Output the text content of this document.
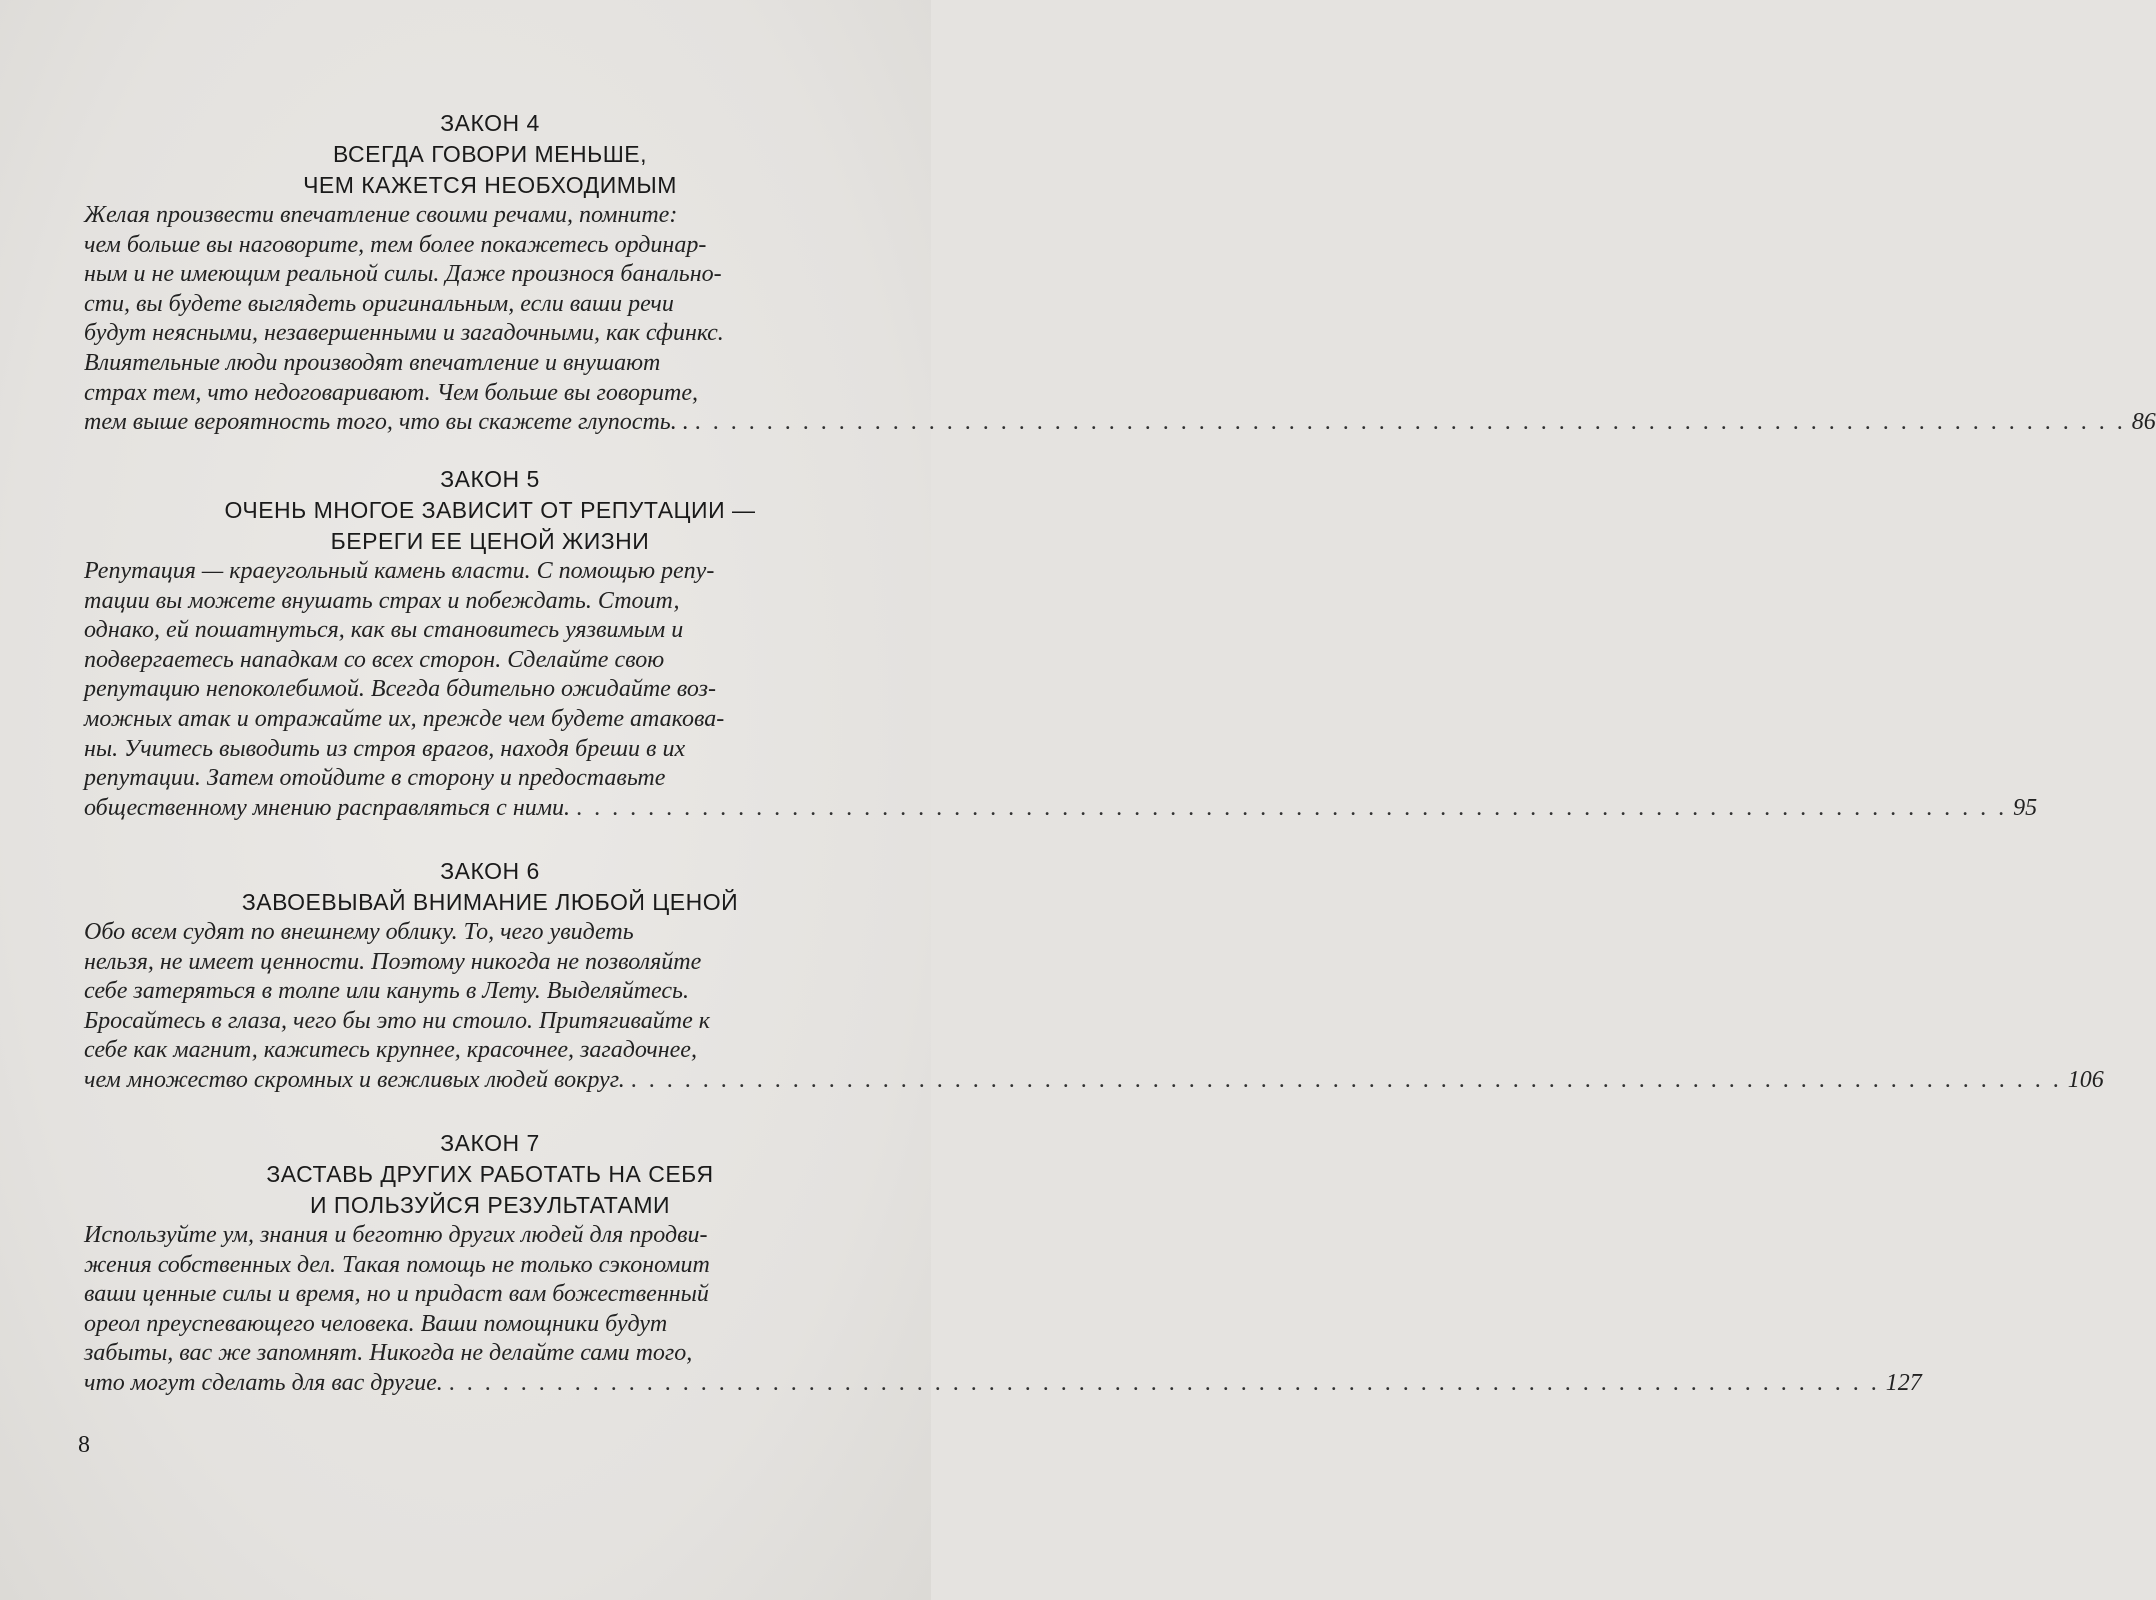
ЗАКОН 4
ВСЕГДА ГОВОРИ МЕНЬШЕ,
ЧЕМ КАЖЕТСЯ НЕОБХОДИМЫМ
Желая произвести впечатление своими речами, помните:
чем больше вы наговорите, тем более покажетесь ординар-
ным и не имеющим реальной силы. Даже произнося банально-
сти, вы будете выглядеть оригинальным, если ваши речи
будут неясными, незавершенными и загадочными, как сфинкс.
Влиятельные люди производят впечатление и внушают
страх тем, что недоговаривают. Чем больше вы говорите,
тем выше вероятность того, что вы скажете глупость. . . . . . . . . . . . . . . . . . . . . . . . . . . . . . . . . . . . . . . . . . . . . . . . . . . . . . . . . . . . . . . . . . . . . . . . . . . . . . . . . . 86
ЗАКОН 5
ОЧЕНЬ МНОГОЕ ЗАВИСИТ ОТ РЕПУТАЦИИ —
БЕРЕГИ ЕЕ ЦЕНОЙ ЖИЗНИ
Репутация — краеугольный камень власти. С помощью репу-
тации вы можете внушать страх и побеждать. Стоит,
однако, ей пошатнуться, как вы становитесь уязвимым и
подвергаетесь нападкам со всех сторон. Сделайте свою
репутацию непоколебимой. Всегда бдительно ожидайте воз-
можных атак и отражайте их, прежде чем будете атакова-
ны. Учитесь выводить из строя врагов, находя бреши в их
репутации. Затем отойдите в сторону и предоставьте
общественному мнению расправляться с ними. . . . . . . . . . . . . . . . . . . . . . . . . . . . . . . . . . . . . . . . . . . . . . . . . . . . . . . . . . . . . . . . . . . . . . . . . . . . . . . . . 95
ЗАКОН 6
ЗАВОЕВЫВАЙ ВНИМАНИЕ ЛЮБОЙ ЦЕНОЙ
Обо всем судят по внешнему облику. То, чего увидеть
нельзя, не имеет ценности. Поэтому никогда не позволяйте
себе затеряться в толпе или кануть в Лету. Выделяйтесь.
Бросайтесь в глаза, чего бы это ни стоило. Притягивайте к
себе как магнит, кажитесь крупнее, красочнее, загадочнее,
чем множество скромных и вежливых людей вокруг. . . . . . . . . . . . . . . . . . . . . . . . . . . . . . . . . . . . . . . . . . . . . . . . . . . . . . . . . . . . . . . . . . . . . . . . . . . . . . . . . 106
ЗАКОН 7
ЗАСТАВЬ ДРУГИХ РАБОТАТЬ НА СЕБЯ
И ПОЛЬЗУЙСЯ РЕЗУЛЬТАТАМИ
Используйте ум, знания и беготню других людей для продви-
жения собственных дел. Такая помощь не только сэкономит
ваши ценные силы и время, но и придаст вам божественный
ореол преуспевающего человека. Ваши помощники будут
забыты, вас же запомнят. Никогда не делайте сами того,
что могут сделать для вас другие. . . . . . . . . . . . . . . . . . . . . . . . . . . . . . . . . . . . . . . . . . . . . . . . . . . . . . . . . . . . . . . . . . . . . . . . . . . . . . . . . 127
8
